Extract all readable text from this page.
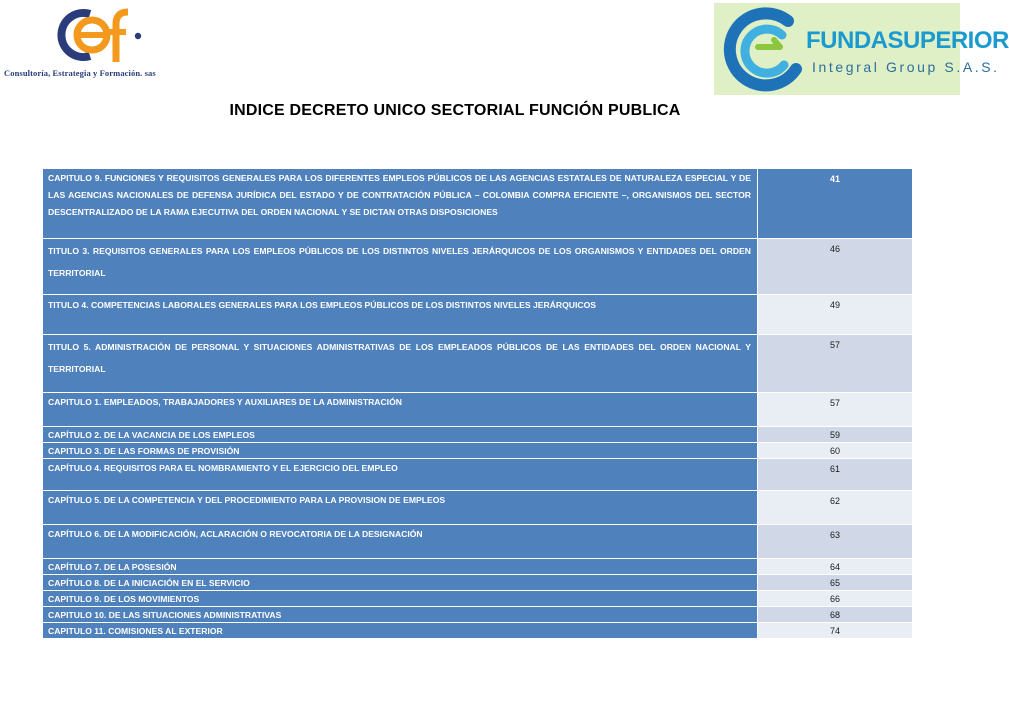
Consultoría, Estrategia y Formación. sas
FUNDASUPERIOR
Integral Group S.A.S.
INDICE DECRETO UNICO SECTORIAL FUNCIÓN PUBLICA
CAPITULO 9. FUNCIONES Y REQUISITOS GENERALES PARA LOS DIFERENTES EMPLEOS PÚBLICOS DE LAS AGENCIAS ESTATALES DE NATURALEZA ESPECIAL Y DE LAS AGENCIAS NACIONALES DE DEFENSA JURÍDICA DEL ESTADO Y DE CONTRATACIÓN PÚBLICA – COLOMBIA COMPRA EFICIENTE –, ORGANISMOS DEL SECTOR DESCENTRALIZADO DE LA RAMA EJECUTIVA DEL ORDEN NACIONAL Y SE DICTAN OTRAS DISPOSICIONES	41
TITULO 3. REQUISITOS GENERALES PARA LOS EMPLEOS PÚBLICOS DE LOS DISTINTOS NIVELES JERÁRQUICOS DE LOS ORGANISMOS Y ENTIDADES DEL ORDEN TERRITORIAL	46
TITULO 4. COMPETENCIAS LABORALES GENERALES PARA LOS EMPLEOS PÚBLICOS DE LOS DISTINTOS NIVELES JERÁRQUICOS	49
TITULO 5. ADMINISTRACIÓN DE PERSONAL Y SITUACIONES ADMINISTRATIVAS DE LOS EMPLEADOS PÚBLICOS DE LAS ENTIDADES DEL ORDEN NACIONAL Y TERRITORIAL	57
CAPITULO 1. EMPLEADOS, TRABAJADORES Y AUXILIARES DE LA ADMINISTRACIÓN	57
CAPÍTULO 2. DE LA VACANCIA DE LOS EMPLEOS	59
CAPITULO 3. DE LAS FORMAS DE PROVISIÓN	60
CAPÍTULO 4. REQUISITOS PARA EL NOMBRAMIENTO Y EL EJERCICIO DEL EMPLEO	61
CAPÍTULO 5. DE LA COMPETENCIA Y DEL PROCEDIMIENTO PARA LA PROVISION DE EMPLEOS	62
CAPÍTULO 6. DE LA MODIFICACIÓN, ACLARACIÓN O REVOCATORIA DE LA DESIGNACIÓN	63
CAPÍTULO 7. DE LA POSESIÓN	64
CAPÍTULO 8. DE LA INICIACIÓN EN EL SERVICIO	65
CAPITULO 9. DE LOS MOVIMIENTOS	66
CAPITULO 10. DE LAS SITUACIONES ADMINISTRATIVAS	68
CAPITULO 11. COMISIONES AL EXTERIOR	74
